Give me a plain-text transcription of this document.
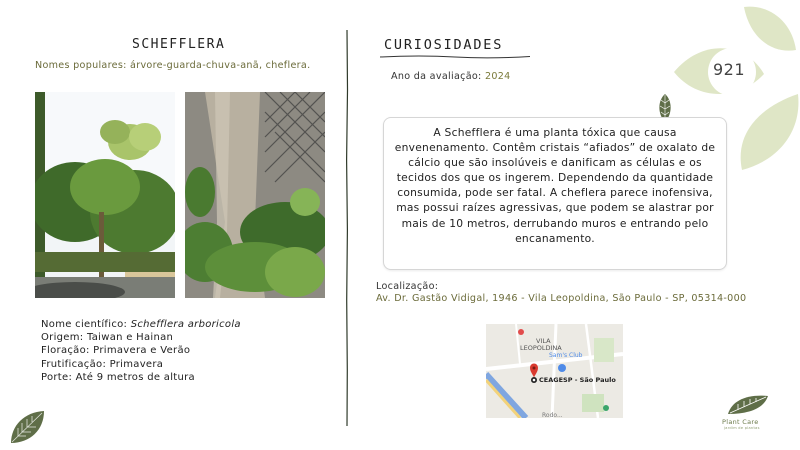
SCHEFFLERA
Nomes populares: árvore-guarda-chuva-anã, cheflera.
Nome científico: Schefflera arboricola
Origem: Taiwan e Hainan
Floração: Primavera e Verão
Frutificação: Primavera
Porte: Até 9 metros de altura
CURIOSIDADES
Ano da avaliação: 2024
A Schefflera é uma planta tóxica que causa envenenamento. Contêm cristais “afiados” de oxalato de cálcio que são insolúveis e danificam as células e os tecidos dos que os ingerem. Dependendo da quantidade consumida, pode ser fatal. A cheflera parece inofensiva, mas possui raízes agressivas, que podem se alastrar por mais de 10 metros, derrubando muros e entrando pelo encanamento.
Localização:
Av. Dr. Gastão Vidigal, 1946 - Vila Leopoldina, São Paulo - SP, 05314-000
VILA
LEOPOLDINA
Sam's Club
CEAGESP - São Paulo
Rodo...
921
Plant Care
jardim de plantas
